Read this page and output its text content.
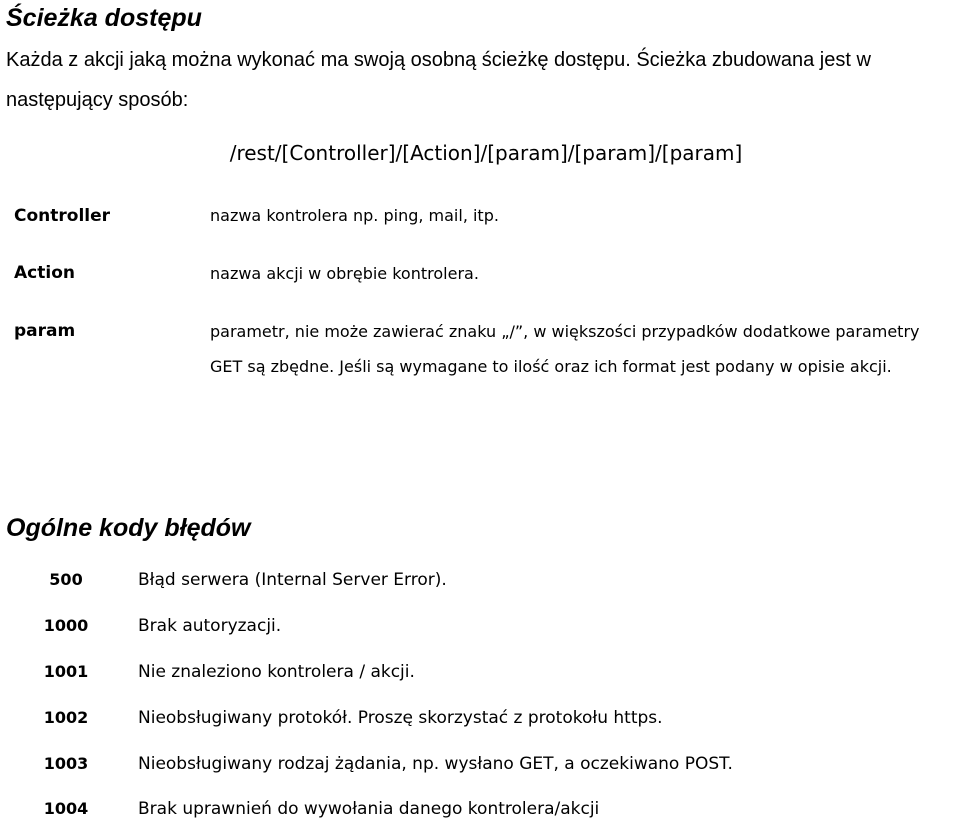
Ścieżka dostępu

Każda z akcji jaką można wykonać ma swoją osobną ścieżkę dostępu. Ścieżka zbudowana jest w następujący sposób:

/rest/[Controller]/[Action]/[param]/[param]/[param]
Controller	nazwa kontrolera np. ping, mail, itp.
Action	nazwa akcji w obrębie kontrolera.
param	parametr, nie może zawierać znaku „/”, w większości przypadków dodatkowe parametry GET są zbędne. Jeśli są wymagane to ilość oraz ich format jest podany w opisie akcji.
Ogólne kody błędów
500	Błąd serwera (Internal Server Error).
1000	Brak autoryzacji.
1001	Nie znaleziono kontrolera / akcji.
1002	Nieobsługiwany protokół. Proszę skorzystać z protokołu https.
1003	Nieobsługiwany rodzaj żądania, np. wysłano GET, a oczekiwano POST.
1004	Brak uprawnień do wywołania danego kontrolera/akcji
